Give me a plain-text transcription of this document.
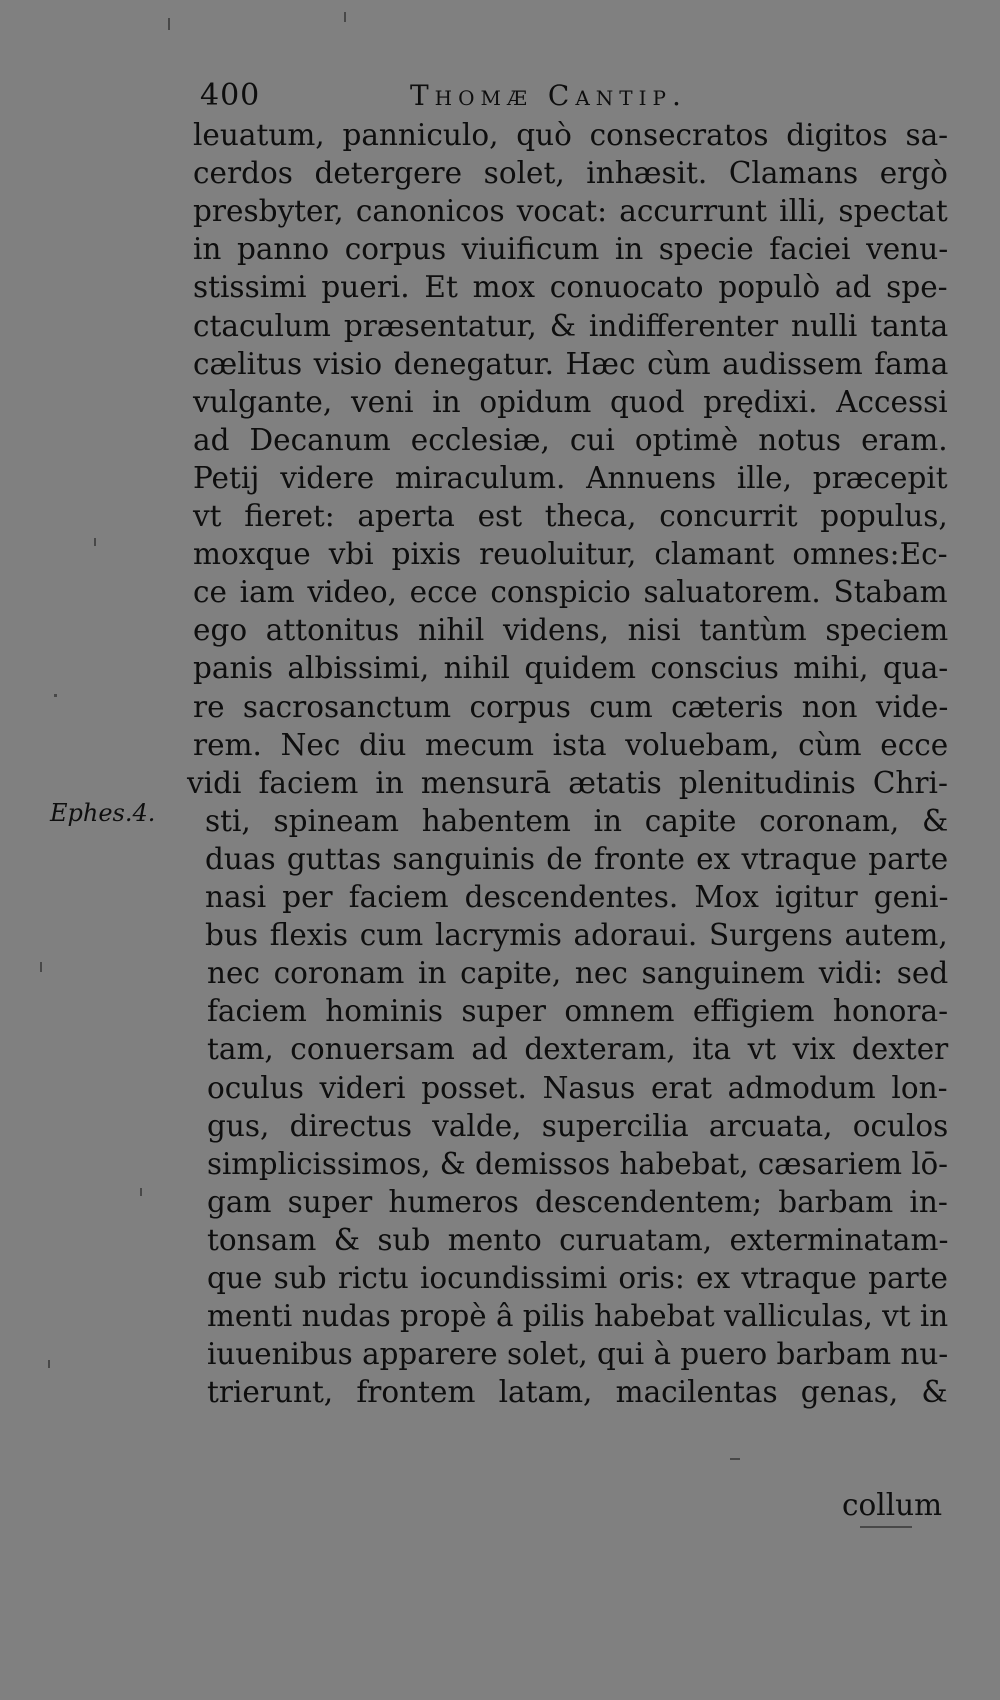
400	Thomæ Cantip.
leuatum, panniculo, quò consecratos digitos sa-
cerdos detergere solet, inhæsit. Clamans ergò
presbyter, canonicos vocat: accurrunt illi, spectat
in panno corpus viuificum in specie faciei venu-
stissimi pueri. Et mox conuocato populò ad spe-
ctaculum præsentatur, & indifferenter nulli tanta
cælitus visio denegatur. Hæc cùm audissem fama
vulgante, veni in opidum quod prędixi. Accessi
ad Decanum ecclesiæ, cui optimè notus eram.
Petij videre miraculum. Annuens ille, præcepit
vt fieret: aperta est theca, concurrit populus,
moxque vbi pixis reuoluitur, clamant omnes:Ec-
ce iam video, ecce conspicio saluatorem. Stabam
ego attonitus nihil videns, nisi tantùm speciem
panis albissimi, nihil quidem conscius mihi, qua-
re sacrosanctum corpus cum cæteris non vide-
rem. Nec diu mecum ista voluebam, cùm ecce
vidi faciem in mensurā ætatis plenitudinis Chri-
sti, spineam habentem in capite coronam, &
duas guttas sanguinis de fronte ex vtraque parte
nasi per faciem descendentes. Mox igitur geni-
bus flexis cum lacrymis adoraui. Surgens autem,
nec coronam in capite, nec sanguinem vidi: sed
faciem hominis super omnem effigiem honora-
tam, conuersam ad dexteram, ita vt vix dexter
oculus videri posset. Nasus erat admodum lon-
gus, directus valde, supercilia arcuata, oculos
simplicissimos, & demissos habebat, cæsariem lō-
gam super humeros descendentem; barbam in-
tonsam & sub mento curuatam, exterminatam-
que sub rictu iocundissimi oris: ex vtraque parte
menti nudas propè â pilis habebat valliculas, vt in
iuuenibus apparere solet, qui à puero barbam nu-
trierunt, frontem latam, macilentas genas, &
Ephes.4.
collum
